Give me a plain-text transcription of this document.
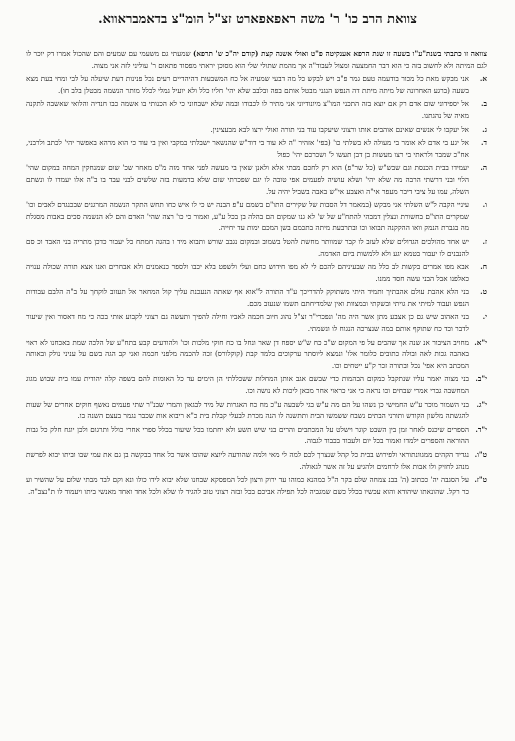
צוואת הרב כו' ר' משה ראפאפארט זצ"ל הומ"צ בדאמבראווא.

צוואה זו כתבתי בשנת"ע"ו בשעה זו שנת הרפא אענקיטה פ"ט ואולי אשנה קצת (קודם יה"כ ש' תרפא) שמעתי גם משעמי עם שמעים והם שהכול אמרו דק יוכר לו לגם המיתה ולא לחשוב בזה כי הוא דבר החמצעה ומצול לעבוד"ה אך מהמת שתולי שלי הוא מסוכן יראתי מפסוד פתאום ר' עוליני לזה אני מצוה.

א.
אני מבקש מאת כל מכור בודעמה טעם גמר פ"ב ויש לבקש כל מה דבעי שמעיה אל כח המשבעות דהיהדיים רעים נכל פנינות דעת שיעלה על לבי ומחי בעת מצא בשעה (ברגע האחרונה של מיתה מיתת דה הנפש הנגני מבטל אותם בפה ובלבב שלא יהי' חליו כלל ולא יועיל גמלי לכלל מותר הנשמה מבטלן בלב חו).

ב.
אל יספידוני שום אדם רק אם יוצא בזה התכני המו"צ מיונודיוני אני מתיר לו לכבודו ובמה שלא ישבחוני כי לא הכנותי בו אשמה כבו חנדיה והלואי שאשבה לתקנה מאיה של נהגתנו.

ג.
אל יעקבו לי אנשים שאינם אוהבים אותו ורצוני שיעקבו עוד בני תורה ואולי ירצו לבא מבעצינין.

ד.
אל יגע בי אדם לא אומר בי מעולה לא בשלתי כו' (בפי' אזהיר "ה לא עוד בי דוד"ש שהנשאר ישבלתי במקבי ואין בי עוד כי הוא מרהא באפשר יהי' לכתב ולרבני, אח"כ שמבר ולראתי בי רצו מעשות בן דבן תעשו ל' ושכרכם יהי' כפול

ה.
יעמידו בבית הכנסת וגם שבש"ש (כל שר"פ) הוא רק לחכם מבתי אלא ולאנן שאין בי מעשה לפני אחד מזה מ"ס מאחר שכ' שום שמנחקין המחה במקום שהי' הלוי ובני דרשתי הרבה מה שלא יהי' ושלא עושיה לפעמים אפי טובה לו יגם שפכרתי שום שלא בדמעות בזה שלשים לבני עבד בו ב"ה אלו יעמדו לו ונשתם השלה, עמו על ציבי דיבר מעפר אי"ה ואצבע אי"ש באבה בשביל יהיה על.

ו.
עיניי הקבה ל"ש השלתי אני מבקש (במאמר דל הסבות של שקירים התו"ם בשמם ע"פ הבנה יש כי לו איש כחו תחש התקר הנשמה המרגנים שבכנגדם לאבים וכו' שמקרים התו"ם בחשורת ונצלין דמבהי להתח"ע של ש' לא גנו שמקום הם בהלה בן בכל ע"ע, ואמור כי כו' רצה שהי' האדם והם לא הנשמה סכים באבות מסגלת מה בגברת הנמק וואו ההקקנה תבואו וכו ובתרבעת מיתה בתכמם בשן המכם ימות עד יחייה.

ז.
יש אחד מהולכים הגדולים שלא לעזב לו קבר שמוותר מחשת להטל בשמוב ובמקום נגבב שורש ותבוא מיד ו בהגה חמתח כל יעבור כדכן מתריה בני האבד וכ סם להנבנים לו יעבור בטמא יגע ולא ללמשות ביום האדמה.

ח.
אבא מפו אמרים בקשות לב כלל מה שבעיניהם להכם לי לא מפו חידוש כחם ועלי ולשפט בלא יכבו ולספר כנאמנים ולא אבחרים ואנו אצא תורה שכולה ענויה כאלפנו אבל הבני עשה חסד ממנו.

ט.
בני הלא אהבת עולם אהבתיך ותמיד היתי משתוקק להדריכך ע"ד התורה ל"אוא אף שאתה הנעכנת עליך קול המחאר אל תעזוב לוקחך על ב"ה הלבם עבודות הנפש ועבוד למיתי את גויתי ובשקתי ובמצוות ואין שלמדיחתם תשמו שנעזב מכם.

י.
בני האהוב שיש גם כן אצבע מתן אשר היה מה' ונפכרי"ר זצ"ל נהוג חיוב חכמה לאביו וחילה להפיך ותעשה גם רצוני לקבוע אותי בכה כי מח דאסור ואין שיעור לדבר וכד כח שתוקף אותם במה שנצרכה הנגוח לו ונשמתי.

י"א.
מחויב הציבור אנ שנה אך שהבים על פי המקום ש"כ כח ש"ש יספח דן שאר ונחל בו כח חוקי מלכות וכו' ולהודעים קבע בתח"ע של הלכה שמת באכחנו לא ראוי באהבה גכות לאה ובולה כתובים כלומר אלו' ונמצא ליוסתר ערקוכים בלמד קבת (קוקלורס) זכה להכמה מלפני חכמה ואני קב הגה בשם על עניני נולק ובאותה המכתב היא אפי' נכל ובתורה זכר ק"ע ייטחים וכו.

י"ב.
בני מצוה יאמר עליו שנתקבל כמקום הבהמות כדי שבשם אגב אותן המחלות ששכללתי הן הימים עד כל האומות להם בשפה קלה יהודית עמו בית שבוש מגוג המחשבה גברי אמרי שבחים וכו נראה כי אני כראוי אחר מכאן ליכות לא נושה וכו.

י"ג.
בני השמור מוכר ע"ש החמישי כן נשהו על הם מה ע"ש בגי לשבעה ע"כ מח כח האגרות של מיד לבגאון והמרי שבנ"ר שתי פעמים נאשף חוקים אחרים של שעות להגשתה מלשון הקודש ותורני הבתים נשבח ששמשו הבית ותתשנה לו הנה מכרת לבעלי קבלת בית כ"א ריבוא אות שכבר נגמר בעצם השנה בו.

י"ד.
הספרים שיכנס לאחר זמן בין השבט קוגר וישלט על המכתבים והרים בני שיש תשע ולא יחתמו בכל שיעור בכלל ספרי אחרי כולל ותרגום ולכן יוגח חלק כל גבות ההוראה והספרים ילמדו ואמור בכל יום ולעבוד בכבוד לגבוה.

ט"ו.
נגדיד הקהים ממגוונתוראי ולפירוש בבית כל קהל שנצרך לכם למה לי מאי ולמה שהודעה ליוצא שהובו אשר כל אחד בבקשה בן גם את עמי שבו וביתו יבוא לפרשת מנהג לחזיק ולו אבות אלו לרחמים ולהגיע על זה אשר לגאולה.

ט"ז.
על הסגבה יה' ככתוב (ה' בבנ צמחה שלם בקר ה"ל כמהנא כמוהו עד ירוק ורצון לכל המפסקא שבחנו שלא יבוא לידו כולו ונא וקם לבד מבתי שלום על שהשיר וע כר רקל. שהונאתו שיהודא והוא עכשיו בכלל כשם שמגביה לכל תפילה אביכם בכל ובזה רצוני טוב להגיד לו שלא ולכל אחד ואחד מאנשי ביתו ויעמוד לו ת"נצב"ה.
